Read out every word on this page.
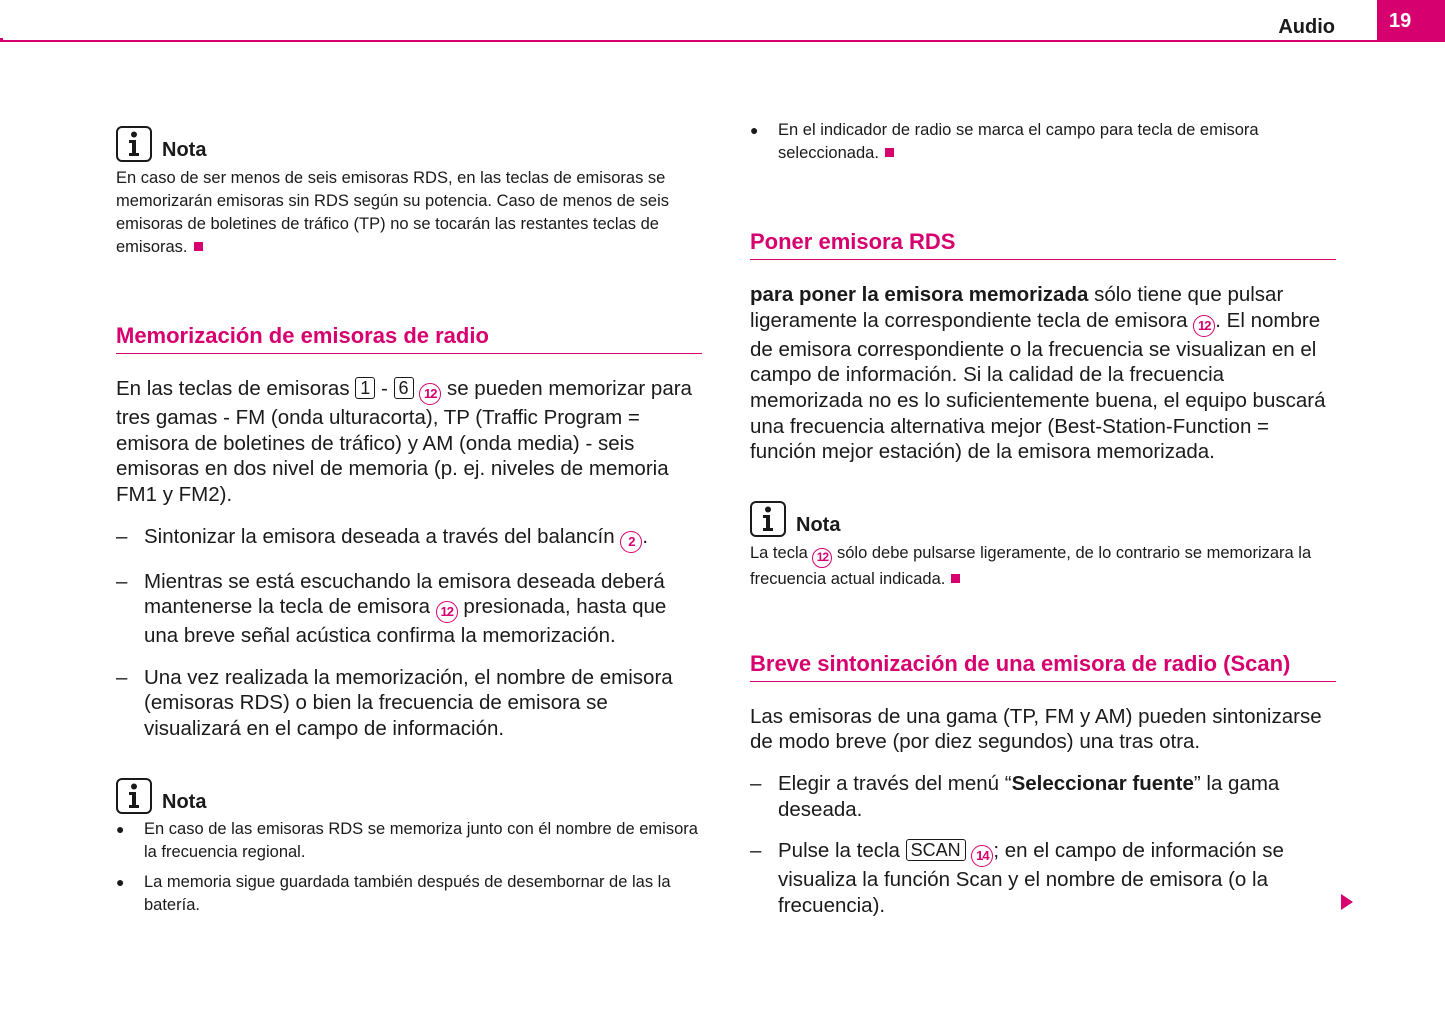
Audio	19
Nota

En caso de ser menos de seis emisoras RDS, en las teclas de emisoras se memorizarán emisoras sin RDS según su potencia. Caso de menos de seis emisoras de boletines de tráfico (TP) no se tocarán las restantes teclas de emisoras.

Memorización de emisoras de radio

En las teclas de emisoras 1 - 6 12 se pueden memorizar para tres gamas - FM (onda ulturacorta), TP (Traffic Program = emisora de boletines de tráfico) y AM (onda media) - seis emisoras en dos nivel de memoria (p. ej. niveles de memoria FM1 y FM2).

– Sintonizar la emisora deseada a través del balancín 2 .
– Mientras se está escuchando la emisora deseada deberá mantenerse la tecla de emisora 12 presionada, hasta que una breve señal acústica confirma la memorización.
– Una vez realizada la memorización, el nombre de emisora (emisoras RDS) o bien la frecuencia de emisora se visualizará en el campo de información.
Nota
●	En caso de las emisoras RDS se memoriza junto con él nombre de emisora la frecuencia regional.
●	La memoria sigue guardada también después de desembornar de las la batería.
●	En el indicador de radio se marca el campo para tecla de emisora seleccionada.
Poner emisora RDS

para poner la emisora memorizada sólo tiene que pulsar ligeramente la correspondiente tecla de emisora 12 . El nombre de emisora correspondiente o la frecuencia se visualizan en el campo de información. Si la calidad de la frecuencia memorizada no es lo suficientemente buena, el equipo buscará una frecuencia alternativa mejor (Best-Station-Function = función mejor estación) de la emisora memorizada.

Nota

La tecla 12 sólo debe pulsarse ligeramente, de lo contrario se memorizara la frecuencia actual indicada.

Breve sintonización de una emisora de radio (Scan)

Las emisoras de una gama (TP, FM y AM) pueden sintonizarse de modo breve (por diez segundos) una tras otra.

– Elegir a través del menú “Seleccionar fuente” la gama deseada.
– Pulse la tecla SCAN 14 ; en el campo de información se visualiza la función Scan y el nombre de emisora (o la frecuencia).
